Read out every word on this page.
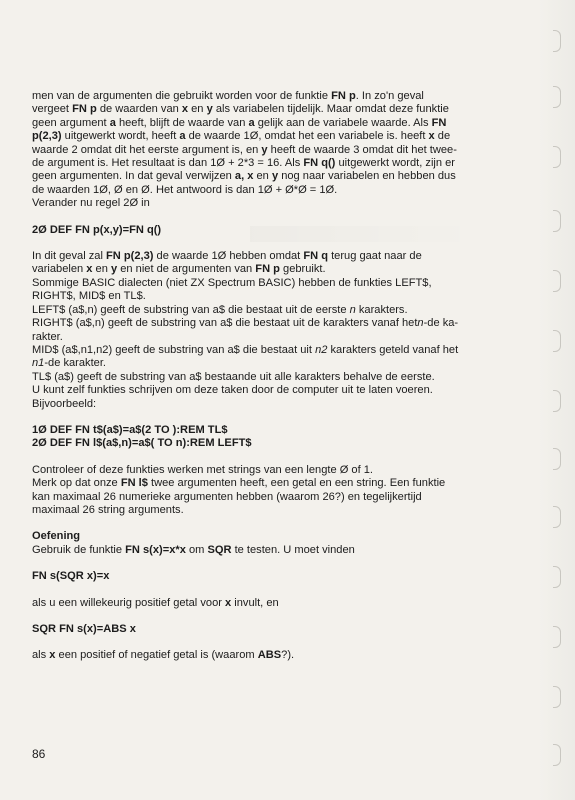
men van de argumenten die gebruikt worden voor de funktie FN p. In zo'n geval

vergeet FN p de waarden van x en y als variabelen tijdelijk. Maar omdat deze funktie

geen argument a heeft, blijft de waarde van a gelijk aan de variabele waarde. Als FN

p(2,3) uitgewerkt wordt, heeft a de waarde 1Ø, omdat het een variabele is. heeft x de

waarde 2 omdat dit het eerste argument is, en y heeft de waarde 3 omdat dit het twee-

de argument is. Het resultaat is dan 1Ø + 2*3 = 16. Als FN q() uitgewerkt wordt, zijn er

geen argumenten. In dat geval verwijzen a, x en y nog naar variabelen en hebben dus

de waarden 1Ø, Ø en Ø. Het antwoord is dan 1Ø + Ø*Ø = 1Ø.

Verander nu regel 2Ø in

2Ø DEF FN p(x,y)=FN q()

In dit geval zal FN p(2,3) de waarde 1Ø hebben omdat FN q terug gaat naar de

variabelen x en y en niet de argumenten van FN p gebruikt.

Sommige BASIC dialecten (niet ZX Spectrum BASIC) hebben de funkties LEFT$,

RIGHT$, MID$ en TL$.

LEFT$ (a$,n) geeft de substring van a$ die bestaat uit de eerste n karakters.

RIGHT$ (a$,n) geeft de substring van a$ die bestaat uit de karakters vanaf hetn-de ka-

rakter.

MID$ (a$,n1,n2) geeft de substring van a$ die bestaat uit n2 karakters geteld vanaf het

n1-de karakter.

TL$ (a$) geeft de substring van a$ bestaande uit alle karakters behalve de eerste.

U kunt zelf funkties schrijven om deze taken door de computer uit te laten voeren.

Bijvoorbeeld:

1Ø DEF FN t$(a$)=a$(2 TO ):REM TL$

2Ø DEF FN l$(a$,n)=a$( TO n):REM LEFT$

Controleer of deze funkties werken met strings van een lengte Ø of 1.

Merk op dat onze FN l$ twee argumenten heeft, een getal en een string. Een funktie

kan maximaal 26 numerieke argumenten hebben (waarom 26?) en tegelijkertijd

maximaal 26 string arguments.

Oefening

Gebruik de funktie FN s(x)=x*x om SQR te testen. U moet vinden

FN s(SQR x)=x

als u een willekeurig positief getal voor x invult, en

SQR FN s(x)=ABS x

als x een positief of negatief getal is (waarom ABS?).

86
